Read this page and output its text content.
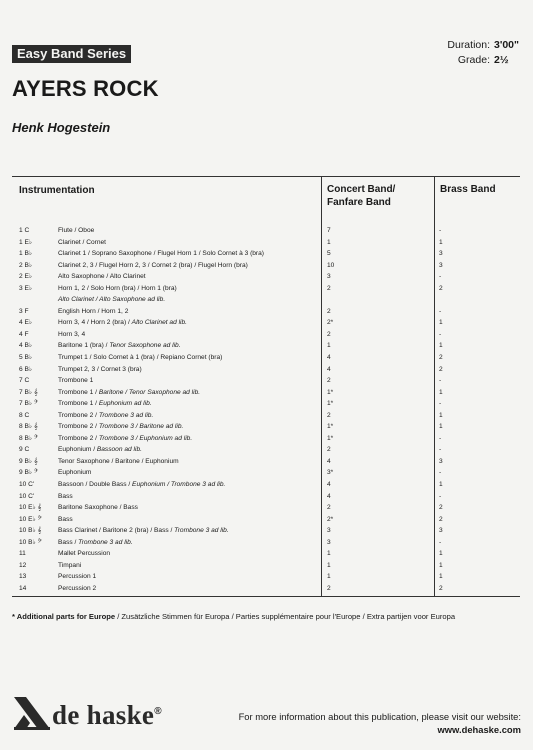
Easy Band Series
Duration:
Grade:
3'00"
2½
AYERS ROCK
Henk Hogestein
Instrumentation	Concert Band/
Fanfare Band
Brass Band
1 C	Flute / Oboe	7	-
1 E♭	Clarinet / Cornet	1	1
1 B♭	Clarinet 1 / Soprano Saxophone / Flugel Horn 1 / Solo Cornet à 3 (bra)	5	3
2 B♭	Clarinet 2, 3 / Flugel Horn 2, 3 / Cornet 2 (bra) / Flugel Horn (bra)	10	3
2 E♭	Alto Saxophone / Alto Clarinet	3	-
3 E♭	Horn 1, 2 / Solo Horn (bra) / Horn 1 (bra)	2	2
Alto Clarinet / Alto Saxophone ad lib.
3 F	English Horn / Horn 1, 2	2	-
4 E♭	Horn 3, 4 / Horn 2 (bra) / Alto Clarinet ad lib.	2*	1
4 F	Horn 3, 4	2	-
4 B♭	Baritone 1 (bra) / Tenor Saxophone ad lib.	1	1
5 B♭	Trumpet 1 / Solo Cornet à 1 (bra) / Repiano Cornet (bra)	4	2
6 B♭	Trumpet 2, 3 / Cornet 3 (bra)	4	2
7 C	Trombone 1	2	-
7 B♭ 𝄞	Trombone 1 / Baritone / Tenor Saxophone ad lib.	1*	1
7 B♭ 𝄢	Trombone 1 / Euphonium ad lib.	1*	-
8 C	Trombone 2 / Trombone 3 ad lib.	2	1
8 B♭ 𝄞	Trombone 2 / Trombone 3 / Baritone ad lib.	1*	1
8 B♭ 𝄢	Trombone 2 / Trombone 3 / Euphonium ad lib.	1*	-
9 C	Euphonium / Bassoon ad lib.	2	-
9 B♭ 𝄞	Tenor Saxophone / Baritone / Euphonium	4	3
9 B♭ 𝄢	Euphonium	3*	-
10 C'	Bassoon / Double Bass / Euphonium / Trombone 3 ad lib.	4	1
10 C'	Bass	4	-
10 E♭ 𝄞	Baritone Saxophone / Bass	2	2
10 E♭ 𝄢 Bass	2*	2
10 B♭ 𝄞	Bass Clarinet / Baritone 2 (bra) / Bass / Trombone 3 ad lib.	3	3
10 B♭ 𝄢 Bass / Trombone 3 ad lib.	3	-
11	Mallet Percussion	1	1
12	Timpani	1	1
13	Percussion 1	1	1
14	Percussion 2	2	2
* Additional parts for Europe / Zusätzliche Stimmen für Europa / Parties supplémentaire pour l'Europe / Extra partijen voor Europa
de haske®	For more information about this publication, please visit our website:
www.dehaske.com
